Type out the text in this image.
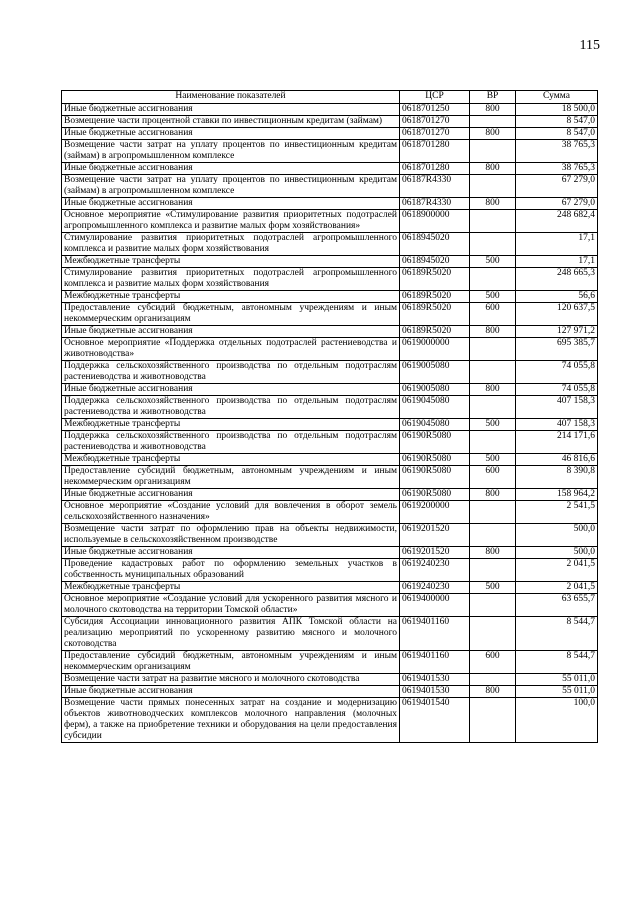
115
Наименование показателей	ЦСР	ВР	Сумма
Иные бюджетные ассигнования	0618701250	800	18 500,0
Возмещение части процентной ставки по инвестиционным кредитам (займам)	0618701270		8 547,0
Иные бюджетные ассигнования	0618701270	800	8 547,0
Возмещение части затрат на уплату процентов по инвестиционным кредитам (займам) в агропромышленном комплексе	0618701280		38 765,3
Иные бюджетные ассигнования	0618701280	800	38 765,3
Возмещение части затрат на уплату процентов по инвестиционным кредитам (займам) в агропромышленном комплексе	06187R4330		67 279,0
Иные бюджетные ассигнования	06187R4330	800	67 279,0
Основное мероприятие «Стимулирование развития приоритетных подотраслей агропромышленного комплекса и развитие малых форм хозяйствования»	0618900000		248 682,4
Стимулирование развития приоритетных подотраслей агропромышленного комплекса и развитие малых форм хозяйствования	0618945020		17,1
Межбюджетные трансферты	0618945020	500	17,1
Стимулирование развития приоритетных подотраслей агропромышленного комплекса и развитие малых форм хозяйствования	06189R5020		248 665,3
Межбюджетные трансферты	06189R5020	500	56,6
Предоставление субсидий бюджетным, автономным учреждениям и иным некоммерческим организациям	06189R5020	600	120 637,5
Иные бюджетные ассигнования	06189R5020	800	127 971,2
Основное мероприятие «Поддержка отдельных подотраслей растениеводства и животноводства»	0619000000		695 385,7
Поддержка сельскохозяйственного производства по отдельным подотраслям растениеводства и животноводства	0619005080		74 055,8
Иные бюджетные ассигнования	0619005080	800	74 055,8
Поддержка сельскохозяйственного производства по отдельным подотраслям растениеводства и животноводства	0619045080		407 158,3
Межбюджетные трансферты	0619045080	500	407 158,3
Поддержка сельскохозяйственного производства по отдельным подотраслям растениеводства и животноводства	06190R5080		214 171,6
Межбюджетные трансферты	06190R5080	500	46 816,6
Предоставление субсидий бюджетным, автономным учреждениям и иным некоммерческим организациям	06190R5080	600	8 390,8
Иные бюджетные ассигнования	06190R5080	800	158 964,2
Основное мероприятие «Создание условий для вовлечения в оборот земель сельскохозяйственного назначения»	0619200000		2 541,5
Возмещение части затрат по оформлению прав на объекты недвижимости, используемые в сельскохозяйственном производстве	0619201520		500,0
Иные бюджетные ассигнования	0619201520	800	500,0
Проведение кадастровых работ по оформлению земельных участков в собственность муниципальных образований	0619240230		2 041,5
Межбюджетные трансферты	0619240230	500	2 041,5
Основное мероприятие «Создание условий для ускоренного развития мясного и молочного скотоводства на территории Томской области»	0619400000		63 655,7
Субсидия Ассоциации инновационного развития АПК Томской области на реализацию мероприятий по ускоренному развитию мясного и молочного скотоводства	0619401160		8 544,7
Предоставление субсидий бюджетным, автономным учреждениям и иным некоммерческим организациям	0619401160	600	8 544,7
Возмещение части затрат на развитие мясного и молочного скотоводства	0619401530		55 011,0
Иные бюджетные ассигнования	0619401530	800	55 011,0
Возмещение части прямых понесенных затрат на создание и модернизацию объектов животноводческих комплексов молочного направления (молочных ферм), а также на приобретение техники и оборудования на цели предоставления субсидии	0619401540		100,0
